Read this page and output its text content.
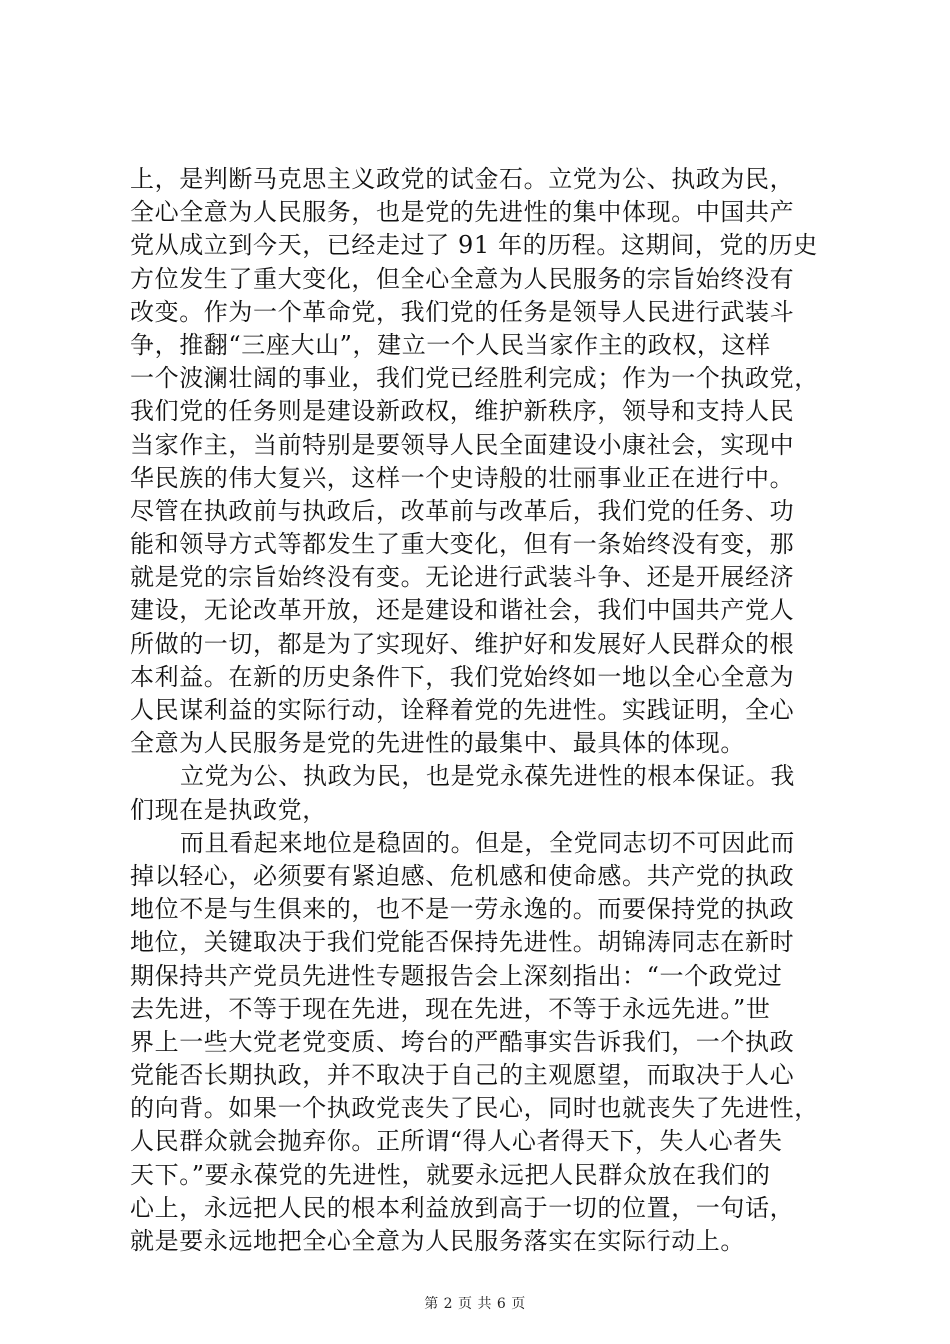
上，是判断马克思主义政党的试金石。立党为公、执政为民，
全心全意为人民服务，也是党的先进性的集中体现。中国共产
党从成立到今天，已经走过了 91 年的历程。这期间，党的历史
方位发生了重大变化，但全心全意为人民服务的宗旨始终没有
改变。作为一个革命党，我们党的任务是领导人民进行武装斗
争，推翻“三座大山”，建立一个人民当家作主的政权，这样
一个波澜壮阔的事业，我们党已经胜利完成；作为一个执政党，
我们党的任务则是建设新政权，维护新秩序，领导和支持人民
当家作主，当前特别是要领导人民全面建设小康社会，实现中
华民族的伟大复兴，这样一个史诗般的壮丽事业正在进行中。
尽管在执政前与执政后，改革前与改革后，我们党的任务、功
能和领导方式等都发生了重大变化，但有一条始终没有变，那
就是党的宗旨始终没有变。无论进行武装斗争、还是开展经济
建设，无论改革开放，还是建设和谐社会，我们中国共产党人
所做的一切，都是为了实现好、维护好和发展好人民群众的根
本利益。在新的历史条件下，我们党始终如一地以全心全意为
人民谋利益的实际行动，诠释着党的先进性。实践证明，全心
全意为人民服务是党的先进性的最集中、最具体的体现。
立党为公、执政为民，也是党永葆先进性的根本保证。我
们现在是执政党，
而且看起来地位是稳固的。但是，全党同志切不可因此而
掉以轻心，必须要有紧迫感、危机感和使命感。共产党的执政
地位不是与生俱来的，也不是一劳永逸的。而要保持党的执政
地位，关键取决于我们党能否保持先进性。胡锦涛同志在新时
期保持共产党员先进性专题报告会上深刻指出：“一个政党过
去先进，不等于现在先进，现在先进，不等于永远先进。”世
界上一些大党老党变质、垮台的严酷事实告诉我们，一个执政
党能否长期执政，并不取决于自己的主观愿望，而取决于人心
的向背。如果一个执政党丧失了民心，同时也就丧失了先进性，
人民群众就会抛弃你。正所谓“得人心者得天下，失人心者失
天下。”要永葆党的先进性，就要永远把人民群众放在我们的
心上，永远把人民的根本利益放到高于一切的位置，一句话，
就是要永远地把全心全意为人民服务落实在实际行动上。
第 2 页 共 6 页
